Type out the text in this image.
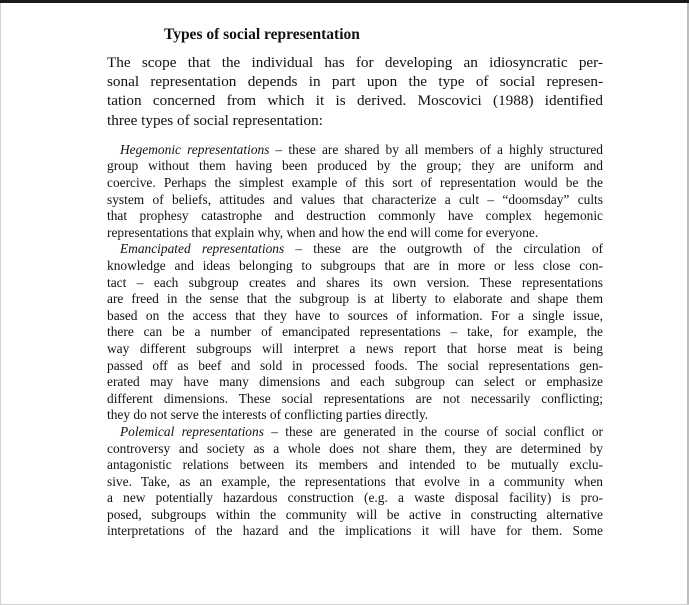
Types of social representation
The scope that the individual has for developing an idiosyncratic per-
sonal representation depends in part upon the type of social represen-
tation concerned from which it is derived. Moscovici (1988) identified
three types of social representation:
Hegemonic representations – these are shared by all members of a highly structured
group without them having been produced by the group; they are uniform and
coercive. Perhaps the simplest example of this sort of representation would be the
system of beliefs, attitudes and values that characterize a cult – “doomsday” cults
that prophesy catastrophe and destruction commonly have complex hegemonic
representations that explain why, when and how the end will come for everyone.
Emancipated representations – these are the outgrowth of the circulation of
knowledge and ideas belonging to subgroups that are in more or less close con-
tact – each subgroup creates and shares its own version. These representations
are freed in the sense that the subgroup is at liberty to elaborate and shape them
based on the access that they have to sources of information. For a single issue,
there can be a number of emancipated representations – take, for example, the
way different subgroups will interpret a news report that horse meat is being
passed off as beef and sold in processed foods. The social representations gen-
erated may have many dimensions and each subgroup can select or emphasize
different dimensions. These social representations are not necessarily conflicting;
they do not serve the interests of conflicting parties directly.
Polemical representations – these are generated in the course of social conflict or
controversy and society as a whole does not share them, they are determined by
antagonistic relations between its members and intended to be mutually exclu-
sive. Take, as an example, the representations that evolve in a community when
a new potentially hazardous construction (e.g. a waste disposal facility) is pro-
posed, subgroups within the community will be active in constructing alternative
interpretations of the hazard and the implications it will have for them. Some
